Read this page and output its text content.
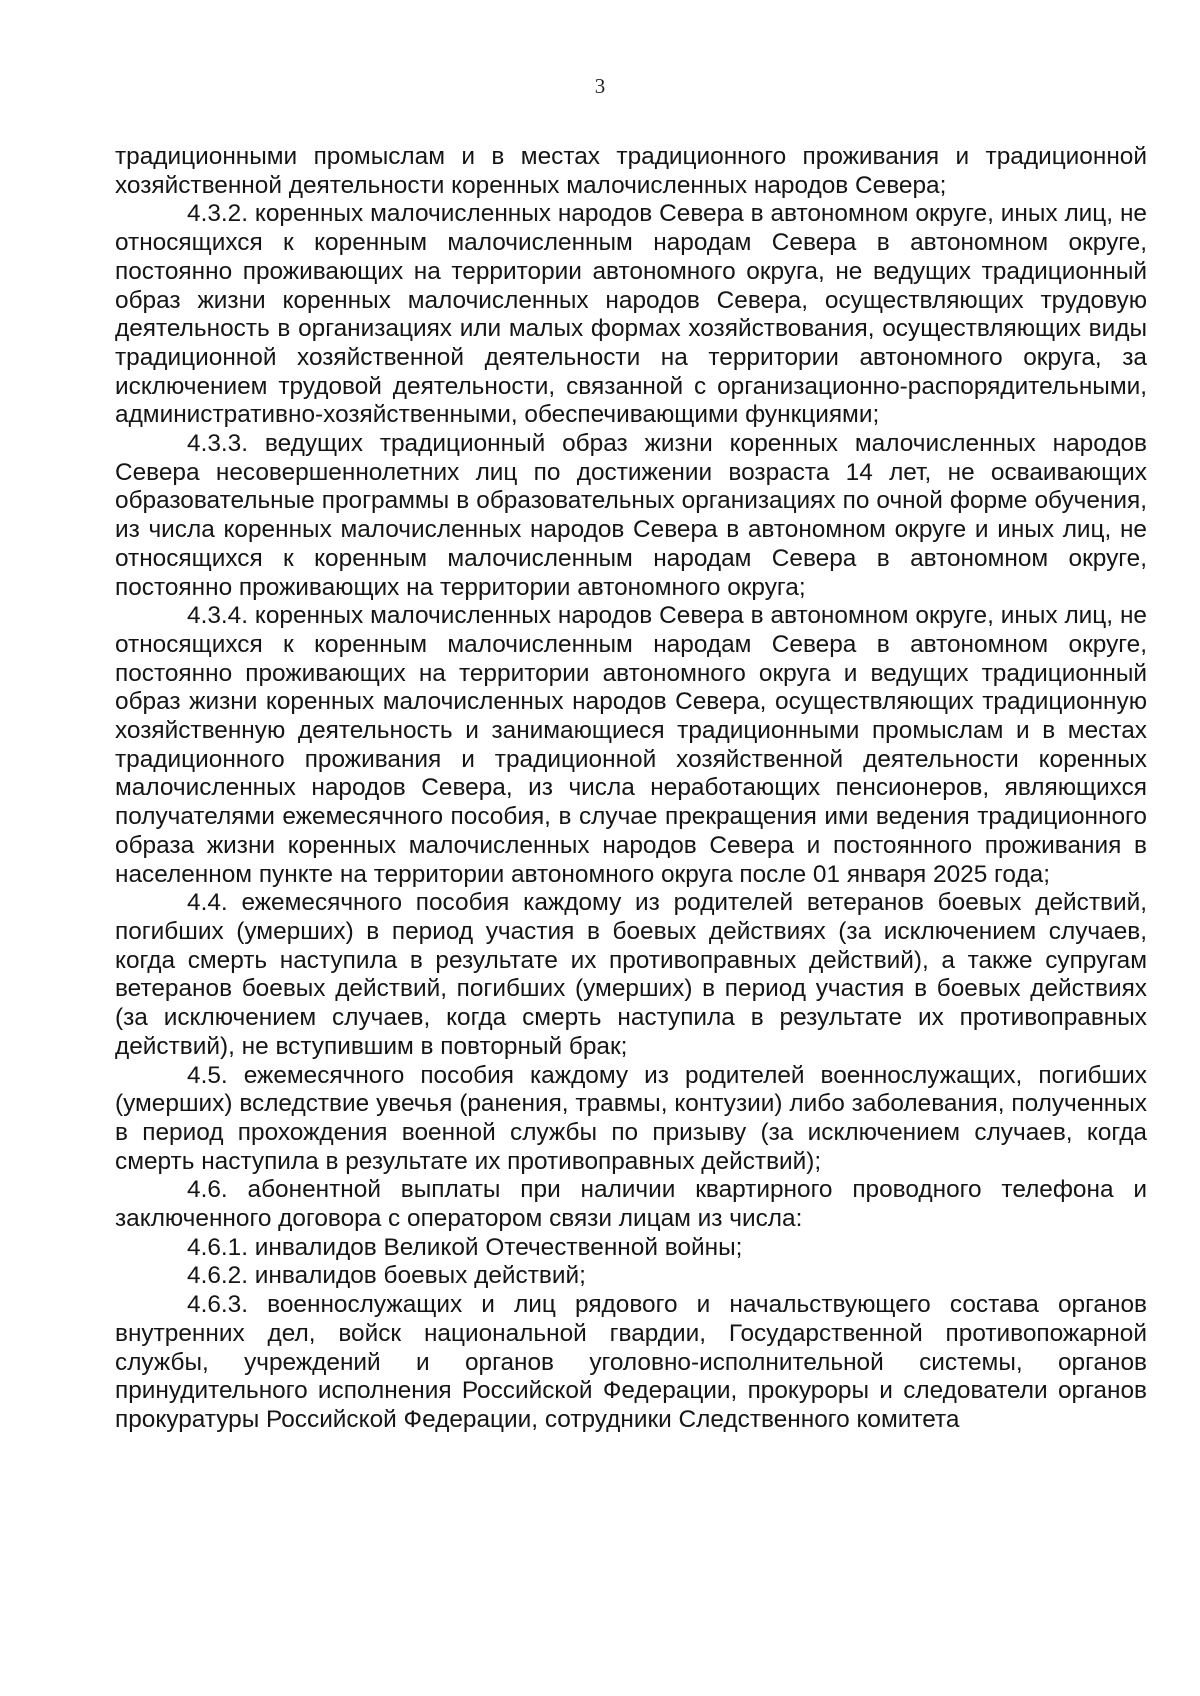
3

традиционными промыслам и в местах традиционного проживания и традиционной хозяйственной деятельности коренных малочисленных народов Севера;

4.3.2. коренных малочисленных народов Севера в автономном округе, иных лиц, не относящихся к коренным малочисленным народам Севера в автономном округе, постоянно проживающих на территории автономного округа, не ведущих традиционный образ жизни коренных малочисленных народов Севера, осуществляющих трудовую деятельность в организациях или малых формах хозяйствования, осуществляющих виды традиционной хозяйственной деятельности на территории автономного округа, за исключением трудовой деятельности, связанной с организационно-распорядительными, административно-хозяйственными, обеспечивающими функциями;

4.3.3. ведущих традиционный образ жизни коренных малочисленных народов Севера несовершеннолетних лиц по достижении возраста 14 лет, не осваивающих образовательные программы в образовательных организациях по очной форме обучения, из числа коренных малочисленных народов Севера в автономном округе и иных лиц, не относящихся к коренным малочисленным народам Севера в автономном округе, постоянно проживающих на территории автономного округа;

4.3.4. коренных малочисленных народов Севера в автономном округе, иных лиц, не относящихся к коренным малочисленным народам Севера в автономном округе, постоянно проживающих на территории автономного округа и ведущих традиционный образ жизни коренных малочисленных народов Севера, осуществляющих традиционную хозяйственную деятельность и занимающиеся традиционными промыслам и в местах традиционного проживания и традиционной хозяйственной деятельности коренных малочисленных народов Севера, из числа неработающих пенсионеров, являющихся получателями ежемесячного пособия, в случае прекращения ими ведения традиционного образа жизни коренных малочисленных народов Севера и постоянного проживания в населенном пункте на территории автономного округа после 01 января 2025 года;

4.4. ежемесячного пособия каждому из родителей ветеранов боевых действий, погибших (умерших) в период участия в боевых действиях (за исключением случаев, когда смерть наступила в результате их противоправных действий), а также супругам ветеранов боевых действий, погибших (умерших) в период участия в боевых действиях (за исключением случаев, когда смерть наступила в результате их противоправных действий), не вступившим в повторный брак;

4.5. ежемесячного пособия каждому из родителей военнослужащих, погибших (умерших) вследствие увечья (ранения, травмы, контузии) либо заболевания, полученных в период прохождения военной службы по призыву (за исключением случаев, когда смерть наступила в результате их противоправных действий);

4.6. абонентной выплаты при наличии квартирного проводного телефона и заключенного договора с оператором связи лицам из числа:

4.6.1. инвалидов Великой Отечественной войны;

4.6.2. инвалидов боевых действий;

4.6.3. военнослужащих и лиц рядового и начальствующего состава органов внутренних дел, войск национальной гвардии, Государственной противопожарной службы, учреждений и органов уголовно-исполнительной системы, органов принудительного исполнения Российской Федерации, прокуроры и следователи органов прокуратуры Российской Федерации, сотрудники Следственного комитета
